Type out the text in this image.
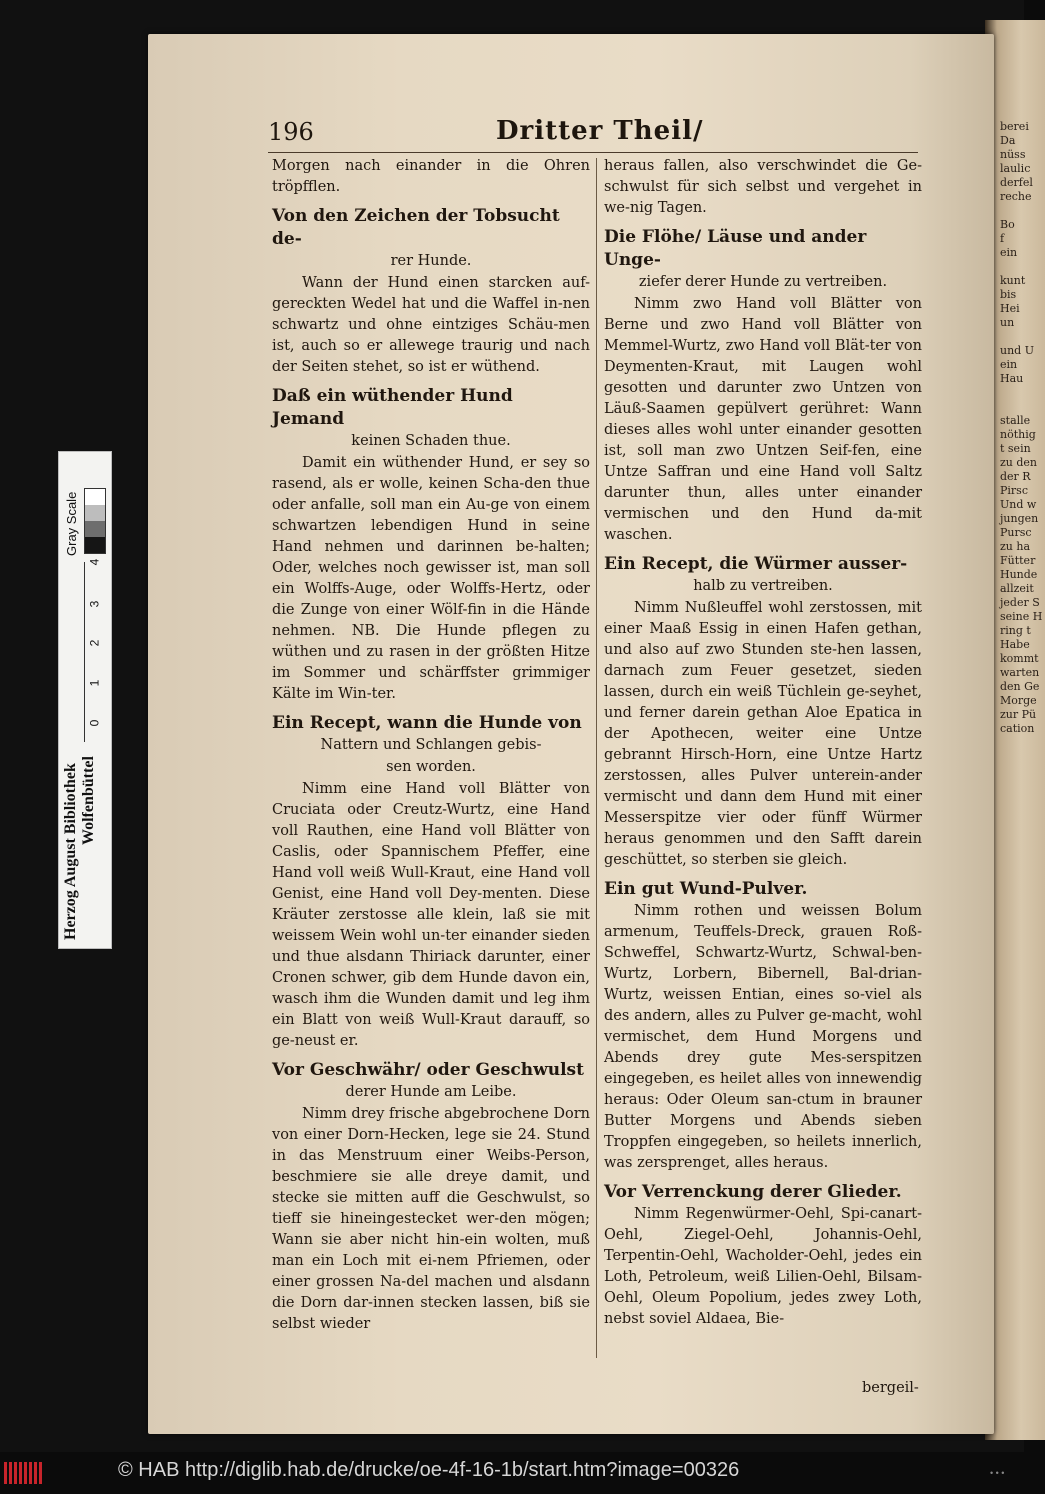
berei
Da
nüss
laulic
derfel
reche

Bo
f
ein

kunt
bis
Hei
un

und
ein
Hau

stalle
nöthig
t sein
zu
der
Pirsc
Und
jungen
Pursc
zu ha
Fütter
Hunde
allzeit
jeder
seine
ring
Habe
kommt
warten
den
Morge
zur
cation
4
3
2
1
0
Gray Scale
Herzog August Bibliothek Wolfenbüttel
196	Dritter Theil/

Morgen nach einander in die Ohren tröpfflen.

Von den Zeichen der Tobsucht de-

rer Hunde.

Wann der Hund einen starcken auf-gereckten Wedel hat und die Waffel in-nen schwartz und ohne eintziges Schäu-men ist, auch so er allewege traurig und nach der Seiten stehet, so ist er wüthend.

Daß ein wüthender Hund Jemand

keinen Schaden thue.

Damit ein wüthender Hund, er sey so rasend, als er wolle, keinen Scha-den thue oder anfalle, soll man ein Au-ge von einem schwartzen lebendigen Hund in seine Hand nehmen und darinnen be-halten; Oder, welches noch gewisser ist, man soll ein Wolffs-Auge, oder Wolffs-Hertz, oder die Zunge von einer Wölf-fin in die Hände nehmen. NB. Die Hunde pflegen zu wüthen und zu rasen in der größten Hitze im Sommer und schärffster grimmiger Kälte im Win-ter.

Ein Recept, wann die Hunde von

Nattern und Schlangen gebis-

sen worden.

Nimm eine Hand voll Blätter von Cruciata oder Creutz-Wurtz, eine Hand voll Rauthen, eine Hand voll Blätter von Caslis, oder Spannischem Pfeffer, eine Hand voll weiß Wull-Kraut, eine Hand voll Genist, eine Hand voll Dey-menten. Diese Kräuter zerstosse alle klein, laß sie mit weissem Wein wohl un-ter einander sieden und thue alsdann Thiriack darunter, einer Cronen schwer, gib dem Hunde davon ein, wasch ihm die Wunden damit und leg ihm ein Blatt von weiß Wull-Kraut darauff, so ge-neust er.

Vor Geschwähr/ oder Geschwulst

derer Hunde am Leibe.

Nimm drey frische abgebrochene Dorn von einer Dorn-Hecken, lege sie 24. Stund in das Menstruum einer Weibs-Person, beschmiere sie alle dreye damit, und stecke sie mitten auff die Geschwulst, so tieff sie hineingestecket wer-den mögen; Wann sie aber nicht hin-ein wolten, muß man ein Loch mit ei-nem Pfriemen, oder einer grossen Na-del machen und alsdann die Dorn dar-innen stecken lassen, biß sie selbst wieder

heraus fallen, also verschwindet die Ge-schwulst für sich selbst und vergehet in we-nig Tagen.

Die Flöhe/ Läuse und ander Unge-

ziefer derer Hunde zu vertreiben.

Nimm zwo Hand voll Blätter von Berne und zwo Hand voll Blätter von Memmel-Wurtz, zwo Hand voll Blät-ter von Deymenten-Kraut, mit Laugen wohl gesotten und darunter zwo Untzen von Läuß-Saamen gepülvert gerühret: Wann dieses alles wohl unter einander gesotten ist, soll man zwo Untzen Seif-fen, eine Untze Saffran und eine Hand voll Saltz darunter thun, alles unter einander vermischen und den Hund da-mit waschen.

Ein Recept, die Würmer ausser-

halb zu vertreiben.

Nimm Nußleuffel wohl zerstossen, mit einer Maaß Essig in einen Hafen gethan, und also auf zwo Stunden ste-hen lassen, darnach zum Feuer gesetzet, sieden lassen, durch ein weiß Tüchlein ge-seyhet, und ferner darein gethan Aloe Epatica in der Apothecen, weiter eine Untze gebrannt Hirsch-Horn, eine Untze Hartz zerstossen, alles Pulver unterein-ander vermischt und dann dem Hund mit einer Messerspitze vier oder fünff Würmer heraus genommen und den Safft darein geschüttet, so sterben sie gleich.

Ein gut Wund-Pulver.

Nimm rothen und weissen Bolum armenum, Teuffels-Dreck, grauen Roß-Schweffel, Schwartz-Wurtz, Schwal-ben-Wurtz, Lorbern, Bibernell, Bal-drian-Wurtz, weissen Entian, eines so-viel als des andern, alles zu Pulver ge-macht, wohl vermischet, dem Hund Morgens und Abends drey gute Mes-serspitzen eingegeben, es heilet alles von innewendig heraus: Oder Oleum san-ctum in brauner Butter Morgens und Abends sieben Troppfen eingegeben, so heilets innerlich, was zersprenget, alles heraus.

Vor Verrenckung derer Glieder.

Nimm Regenwürmer-Oehl, Spi-canart-Oehl, Ziegel-Oehl, Johannis-Oehl, Terpentin-Oehl, Wacholder-Oehl, jedes ein Loth, Petroleum, weiß Lilien-Oehl, Bilsam-Oehl, Oleum Popolium, jedes zwey Loth, nebst soviel Aldaea, Bie-

bergeil-
© HAB http://diglib.hab.de/drucke/oe-4f-16-1b/start.htm?image=00326	• • •
